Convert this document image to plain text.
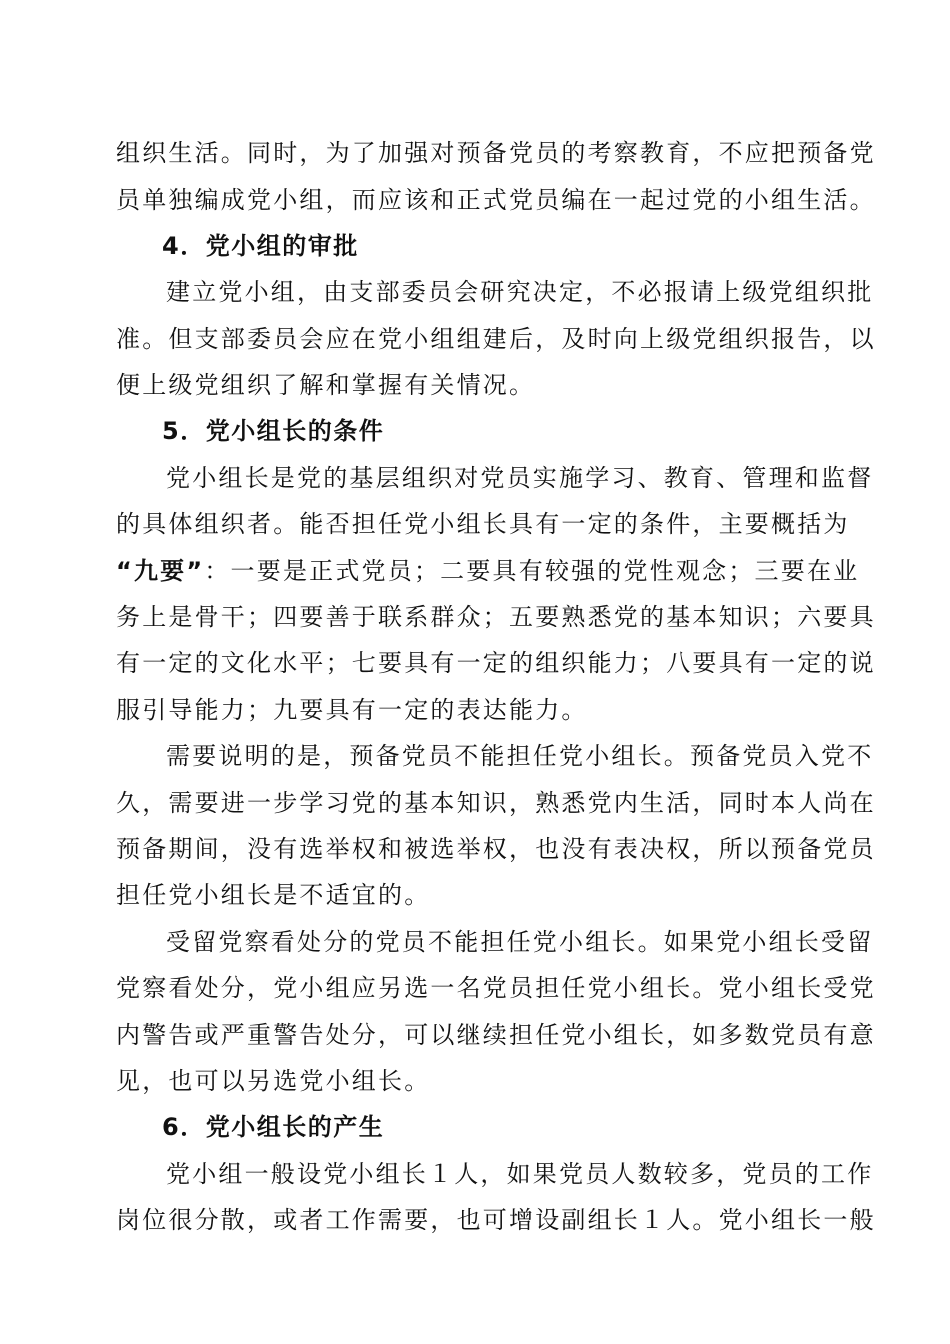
组织生活。同时，为了加强对预备党员的考察教育，不应把预备党
员单独编成党小组，而应该和正式党员编在一起过党的小组生活。
4．党小组的审批
建立党小组，由支部委员会研究决定，不必报请上级党组织批
准。但支部委员会应在党小组组建后，及时向上级党组织报告，以
便上级党组织了解和掌握有关情况。
5．党小组长的条件
党小组长是党的基层组织对党员实施学习、教育、管理和监督
的具体组织者。能否担任党小组长具有一定的条件，主要概括为
“九要”：一要是正式党员；二要具有较强的党性观念；三要在业
务上是骨干；四要善于联系群众；五要熟悉党的基本知识；六要具
有一定的文化水平；七要具有一定的组织能力；八要具有一定的说
服引导能力；九要具有一定的表达能力。
需要说明的是，预备党员不能担任党小组长。预备党员入党不
久，需要进一步学习党的基本知识，熟悉党内生活，同时本人尚在
预备期间，没有选举权和被选举权，也没有表决权，所以预备党员
担任党小组长是不适宜的。
受留党察看处分的党员不能担任党小组长。如果党小组长受留
党察看处分，党小组应另选一名党员担任党小组长。党小组长受党
内警告或严重警告处分，可以继续担任党小组长，如多数党员有意
见，也可以另选党小组长。
6．党小组长的产生
党小组一般设党小组长１人，如果党员人数较多，党员的工作
岗位很分散，或者工作需要，也可增设副组长１人。党小组长一般
